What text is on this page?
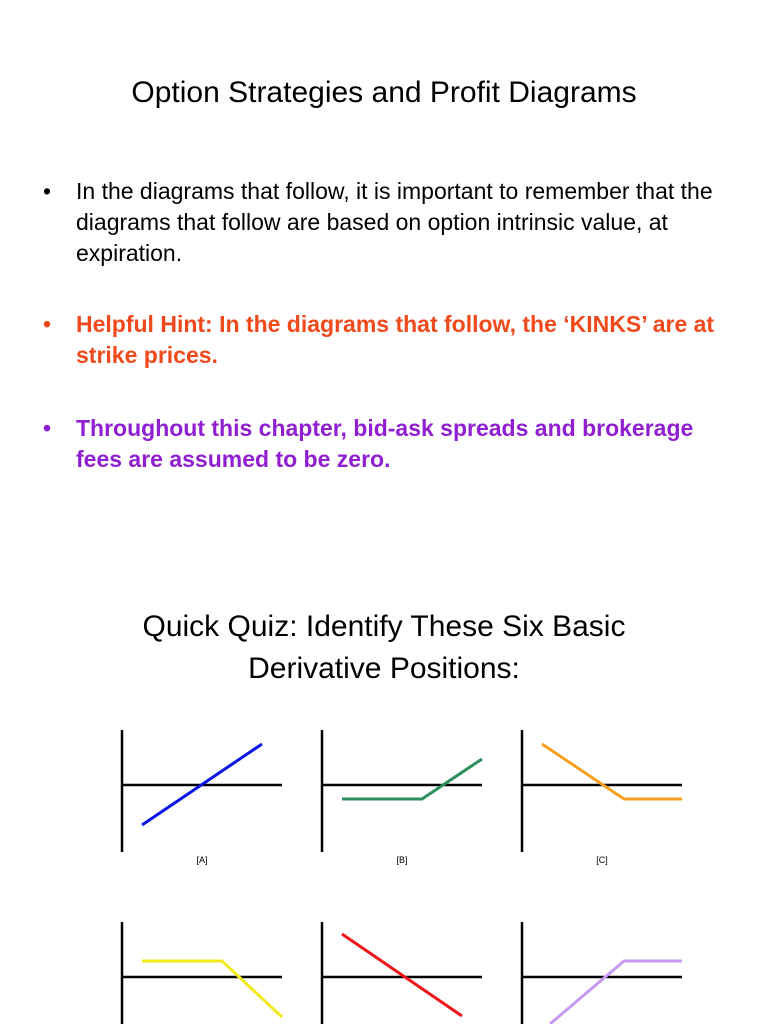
Option Strategies and Profit Diagrams
• In the diagrams that follow, it is important to remember that the diagrams that follow are based on option intrinsic value, at expiration.
• Helpful Hint: In the diagrams that follow, the ‘KINKS’ are at strike prices.
• Throughout this chapter, bid-ask spreads and brokerage fees are assumed to be zero.
Quick Quiz: Identify These Six Basic
Derivative Positions:
[A]	[B]	[C]
